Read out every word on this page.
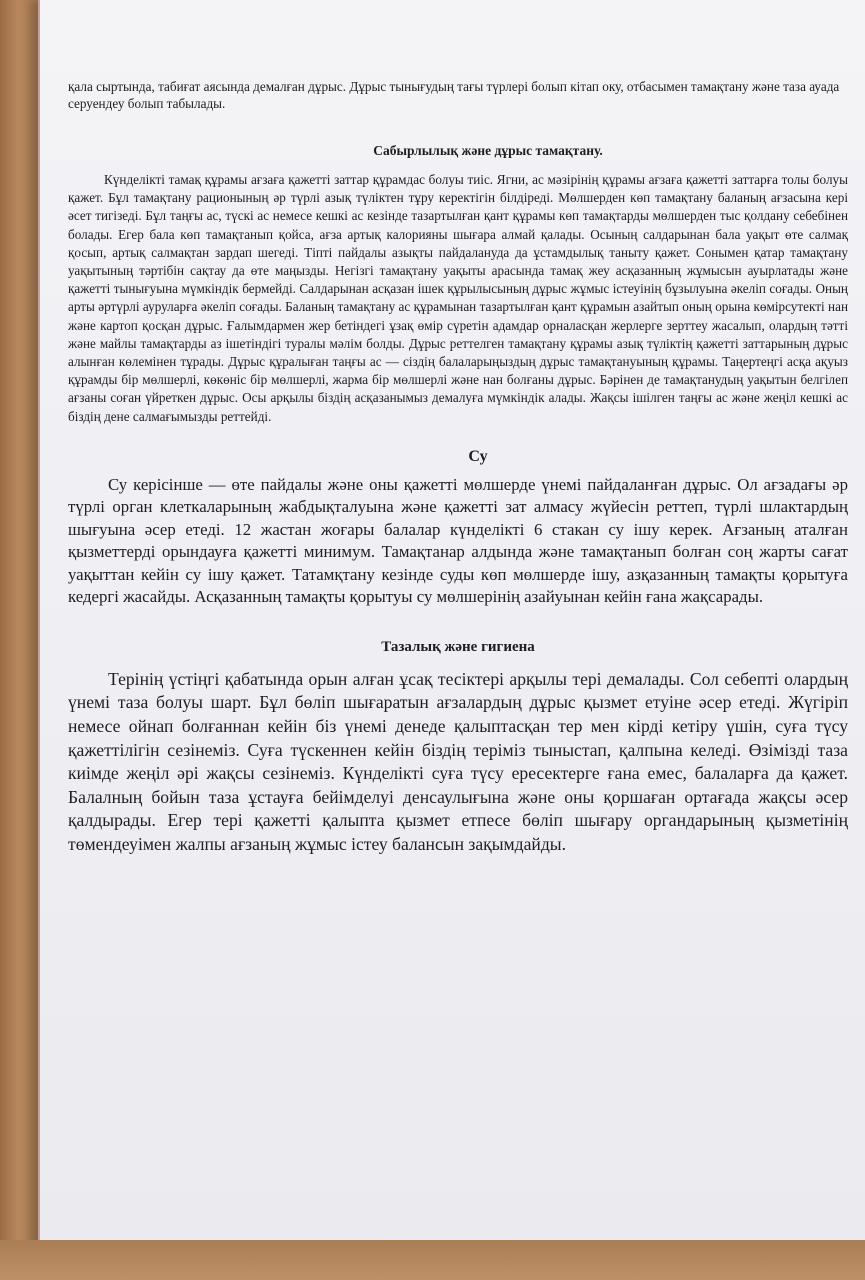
қала сыртында, табиғат аясында демалған дұрыс. Дұрыс тынығудың тағы түрлері болып кітап оку, отбасымен тамақтану және таза ауада серуендеу болып табылады.

Сабырлылық және дұрыс тамақтану.

Күнделікті тамақ құрамы ағзаға қажетті заттар құрамдас болуы тиіс. Ягни, ас мәзірінің құрамы ағзаға қажетті заттарға толы болуы қажет. Бұл тамақтану рационының әр түрлі азық түліктен тұру керектігін білдіреді. Мөлшерден көп тамақтану баланың ағзасына кері әсет тигізеді. Бұл таңғы ас, түскі ас немесе кешкі ас кезінде тазартылған қант құрамы көп тамақтарды мөлшерден тыс қолдану себебінен болады. Егер бала көп тамақтанып қойса, ағза артық калорияны шығара алмай қалады. Осының салдарынан бала уақыт өте салмақ қосып, артық салмақтан зардап шегеді. Тіпті пайдалы азықты пайдалануда да ұстамдылық таныту қажет. Сонымен қатар тамақтану уақытының тәртібін сақтау да өте маңызды. Негізгі тамақтану уақыты арасында тамақ жеу асқазанның жұмысын ауырлатады және қажетті тынығуына мүмкіндік бермейді. Салдарынан асқазан ішек құрылысының дұрыс жұмыс істеуінің бұзылуына әкеліп соғады. Оның арты әртүрлі ауруларға әкеліп соғады. Баланың тамақтану ас құрамынан тазартылған қант құрамын азайтып оның орына көмірсутекті нан және картоп қосқан дұрыс. Ғалымдармен жер бетіндегі ұзақ өмір сүретін адамдар орналасқан жерлерге зерттеу жасалып, олардың тәтті және майлы тамақтарды аз ішетіндігі туралы мәлім болды. Дұрыс реттелген тамақтану құрамы азық түліктің қажетті заттарының дұрыс алынған көлемінен тұрады. Дұрыс құралыған таңғы ас — сіздің балаларыңыздың дұрыс тамақтануының құрамы. Таңертеңгі асқа ақуыз құрамды бір мөлшерлі, көкөніс бір мөлшерлі, жарма бір мөлшерлі және нан болғаны дұрыс. Бәрінен де тамақтанудың уақытын белгілеп ағзаны соған үйреткен дұрыс. Осы арқылы біздің асқазанымыз демалуға мүмкіндік алады. Жақсы ішілген таңғы ас және жеңіл кешкі ас біздің дене салмағымызды реттейді.

Су

Су керісінше — өте пайдалы және оны қажетті мөлшерде үнемі пайдаланған дұрыс. Ол ағзадағы әр түрлі орган клеткаларының жабдықталуына және қажетті зат алмасу жүйесін реттеп, түрлі шлактардың шығуына әсер етеді. 12 жастан жоғары балалар күнделікті 6 стакан су ішу керек. Ағзаның аталған қызметтерді орындауға қажетті минимум. Тамақтанар алдында және тамақтанып болған соң жарты сағат уақыттан кейін су ішу қажет. Татамқтану кезінде суды көп мөлшерде ішу, азқазанның тамақты қорытуға кедергі жасайды. Асқазанның тамақты қорытуы су мөлшерінің азайуынан кейін ғана жақсарады.

Тазалық және гигиена

Терінің үстіңгі қабатында орын алған ұсақ тесіктері арқылы тері демалады. Сол себепті олардың үнемі таза болуы шарт. Бұл бөліп шығаратын ағзалардың дұрыс қызмет етуіне әсер етеді. Жүгіріп немесе ойнап болғаннан кейін біз үнемі денеде қалыптасқан тер мен кірді кетіру үшін, суға түсу қажеттілігін сезінеміз. Суға түскеннен кейін біздің теріміз тыныстап, қалпына келеді. Өзімізді таза киімде жеңіл әрі жақсы сезінеміз. Күнделікті суға түсу ересектерге ғана емес, балаларға да қажет. Балалның бойын таза ұстауға бейімделуі денсаулығына және оны қоршаған ортағада жақсы әсер қалдырады. Егер тері қажетті қалыпта қызмет етпесе бөліп шығару органдарының қызметінің төмендеуімен жалпы ағзаның жұмыс істеу балансын зақымдайды.
